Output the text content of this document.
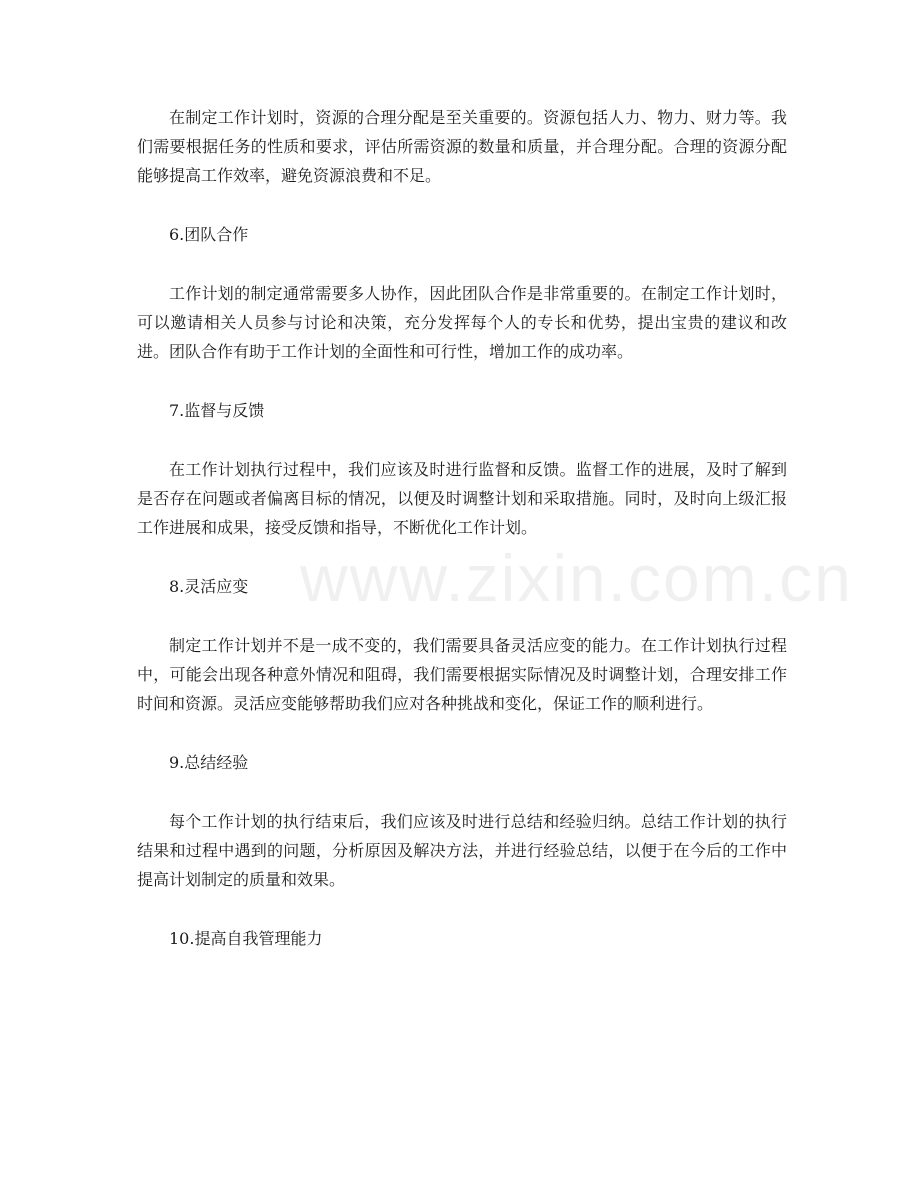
www.zixin.com.cn

在制定工作计划时，资源的合理分配是至关重要的。资源包括人力、物力、财力等。我们需要根据任务的性质和要求，评估所需资源的数量和质量，并合理分配。合理的资源分配能够提高工作效率，避免资源浪费和不足。

6.团队合作

工作计划的制定通常需要多人协作，因此团队合作是非常重要的。在制定工作计划时，可以邀请相关人员参与讨论和决策，充分发挥每个人的专长和优势，提出宝贵的建议和改进。团队合作有助于工作计划的全面性和可行性，增加工作的成功率。

7.监督与反馈

在工作计划执行过程中，我们应该及时进行监督和反馈。监督工作的进展，及时了解到是否存在问题或者偏离目标的情况，以便及时调整计划和采取措施。同时，及时向上级汇报工作进展和成果，接受反馈和指导，不断优化工作计划。

8.灵活应变

制定工作计划并不是一成不变的，我们需要具备灵活应变的能力。在工作计划执行过程中，可能会出现各种意外情况和阻碍，我们需要根据实际情况及时调整计划，合理安排工作时间和资源。灵活应变能够帮助我们应对各种挑战和变化，保证工作的顺利进行。

9.总结经验

每个工作计划的执行结束后，我们应该及时进行总结和经验归纳。总结工作计划的执行结果和过程中遇到的问题，分析原因及解决方法，并进行经验总结，以便于在今后的工作中提高计划制定的质量和效果。

10.提高自我管理能力
